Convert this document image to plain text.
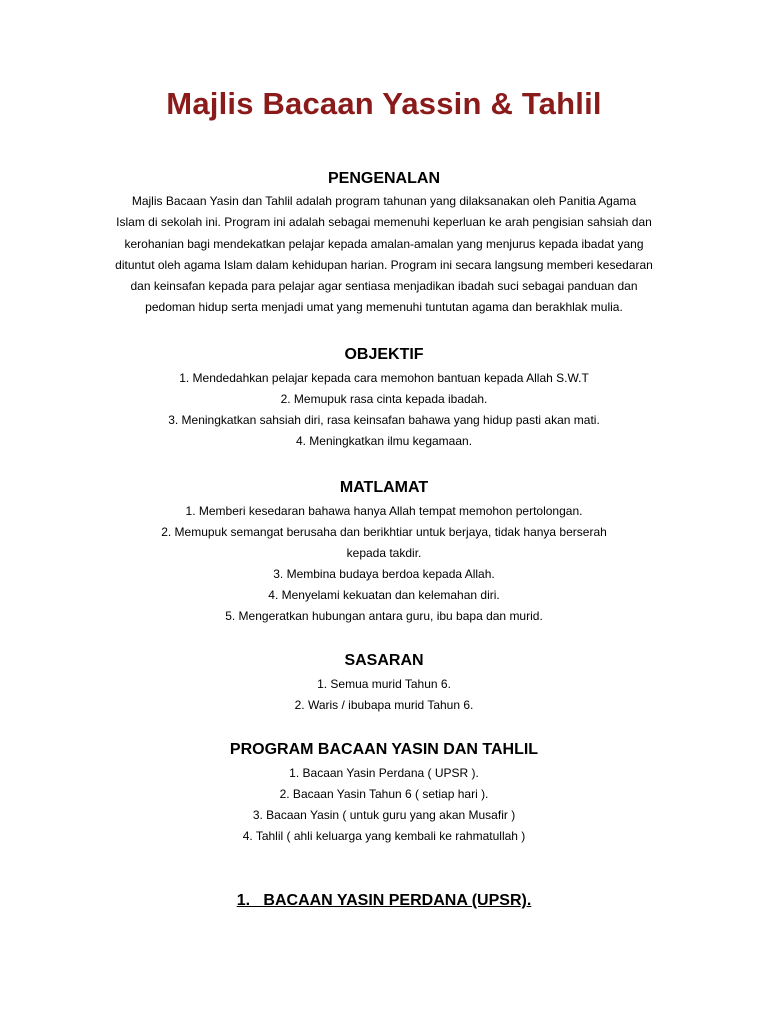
Majlis Bacaan Yassin & Tahlil
PENGENALAN
Majlis Bacaan Yasin dan Tahlil adalah program tahunan yang dilaksanakan oleh Panitia Agama
Islam di sekolah ini. Program ini adalah sebagai memenuhi keperluan ke arah pengisian sahsiah dan
kerohanian bagi mendekatkan pelajar kepada amalan-amalan yang menjurus kepada ibadat yang
dituntut oleh agama Islam dalam kehidupan harian. Program ini secara langsung memberi kesedaran
dan keinsafan kepada para pelajar agar sentiasa menjadikan ibadah suci sebagai panduan dan
pedoman hidup serta menjadi umat yang memenuhi tuntutan agama dan berakhlak mulia.
OBJEKTIF
1. Mendedahkan pelajar kepada cara memohon bantuan kepada Allah S.W.T
2. Memupuk rasa cinta kepada ibadah.
3. Meningkatkan sahsiah diri, rasa keinsafan bahawa yang hidup pasti akan mati.
4. Meningkatkan ilmu kegamaan.
MATLAMAT
1. Memberi kesedaran bahawa hanya Allah tempat memohon pertolongan.
2. Memupuk semangat berusaha dan berikhtiar untuk berjaya, tidak hanya berserah
kepada takdir.
3. Membina budaya berdoa kepada Allah.
4. Menyelami kekuatan dan kelemahan diri.
5. Mengeratkan hubungan antara guru, ibu bapa dan murid.
SASARAN
1. Semua murid Tahun 6.
2. Waris / ibubapa murid Tahun 6.
PROGRAM BACAAN YASIN DAN TAHLIL
1. Bacaan Yasin Perdana ( UPSR ).
2. Bacaan Yasin Tahun 6 ( setiap hari ).
3. Bacaan Yasin ( untuk guru yang akan Musafir )
4. Tahlil ( ahli keluarga yang kembali ke rahmatullah )
1.   BACAAN YASIN PERDANA (UPSR).
